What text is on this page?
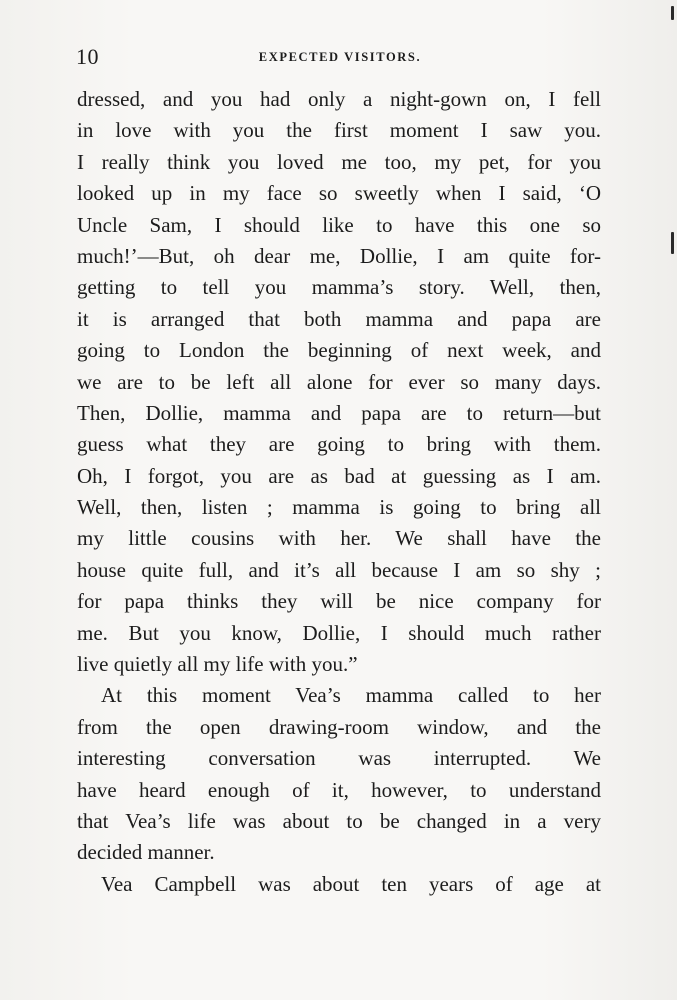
10	EXPECTED VISITORS.
dressed, and you had only a night-gown on, I fell
in love with you the first moment I saw you.
I really think you loved me too, my pet, for you
looked up in my face so sweetly when I said, ‘O
Uncle Sam, I should like to have this one so
much!’—But, oh dear me, Dollie, I am quite for-
getting to tell you mamma’s story. Well, then,
it is arranged that both mamma and papa are
going to London the beginning of next week, and
we are to be left all alone for ever so many days.
Then, Dollie, mamma and papa are to return—but
guess what they are going to bring with them.
Oh, I forgot, you are as bad at guessing as I am.
Well, then, listen ; mamma is going to bring all
my little cousins with her. We shall have the
house quite full, and it’s all because I am so shy ;
for papa thinks they will be nice company for
me. But you know, Dollie, I should much rather
live quietly all my life with you.”
At this moment Vea’s mamma called to her
from the open drawing-room window, and the
interesting conversation was interrupted. We
have heard enough of it, however, to understand
that Vea’s life was about to be changed in a very
decided manner.
Vea Campbell was about ten years of age at
